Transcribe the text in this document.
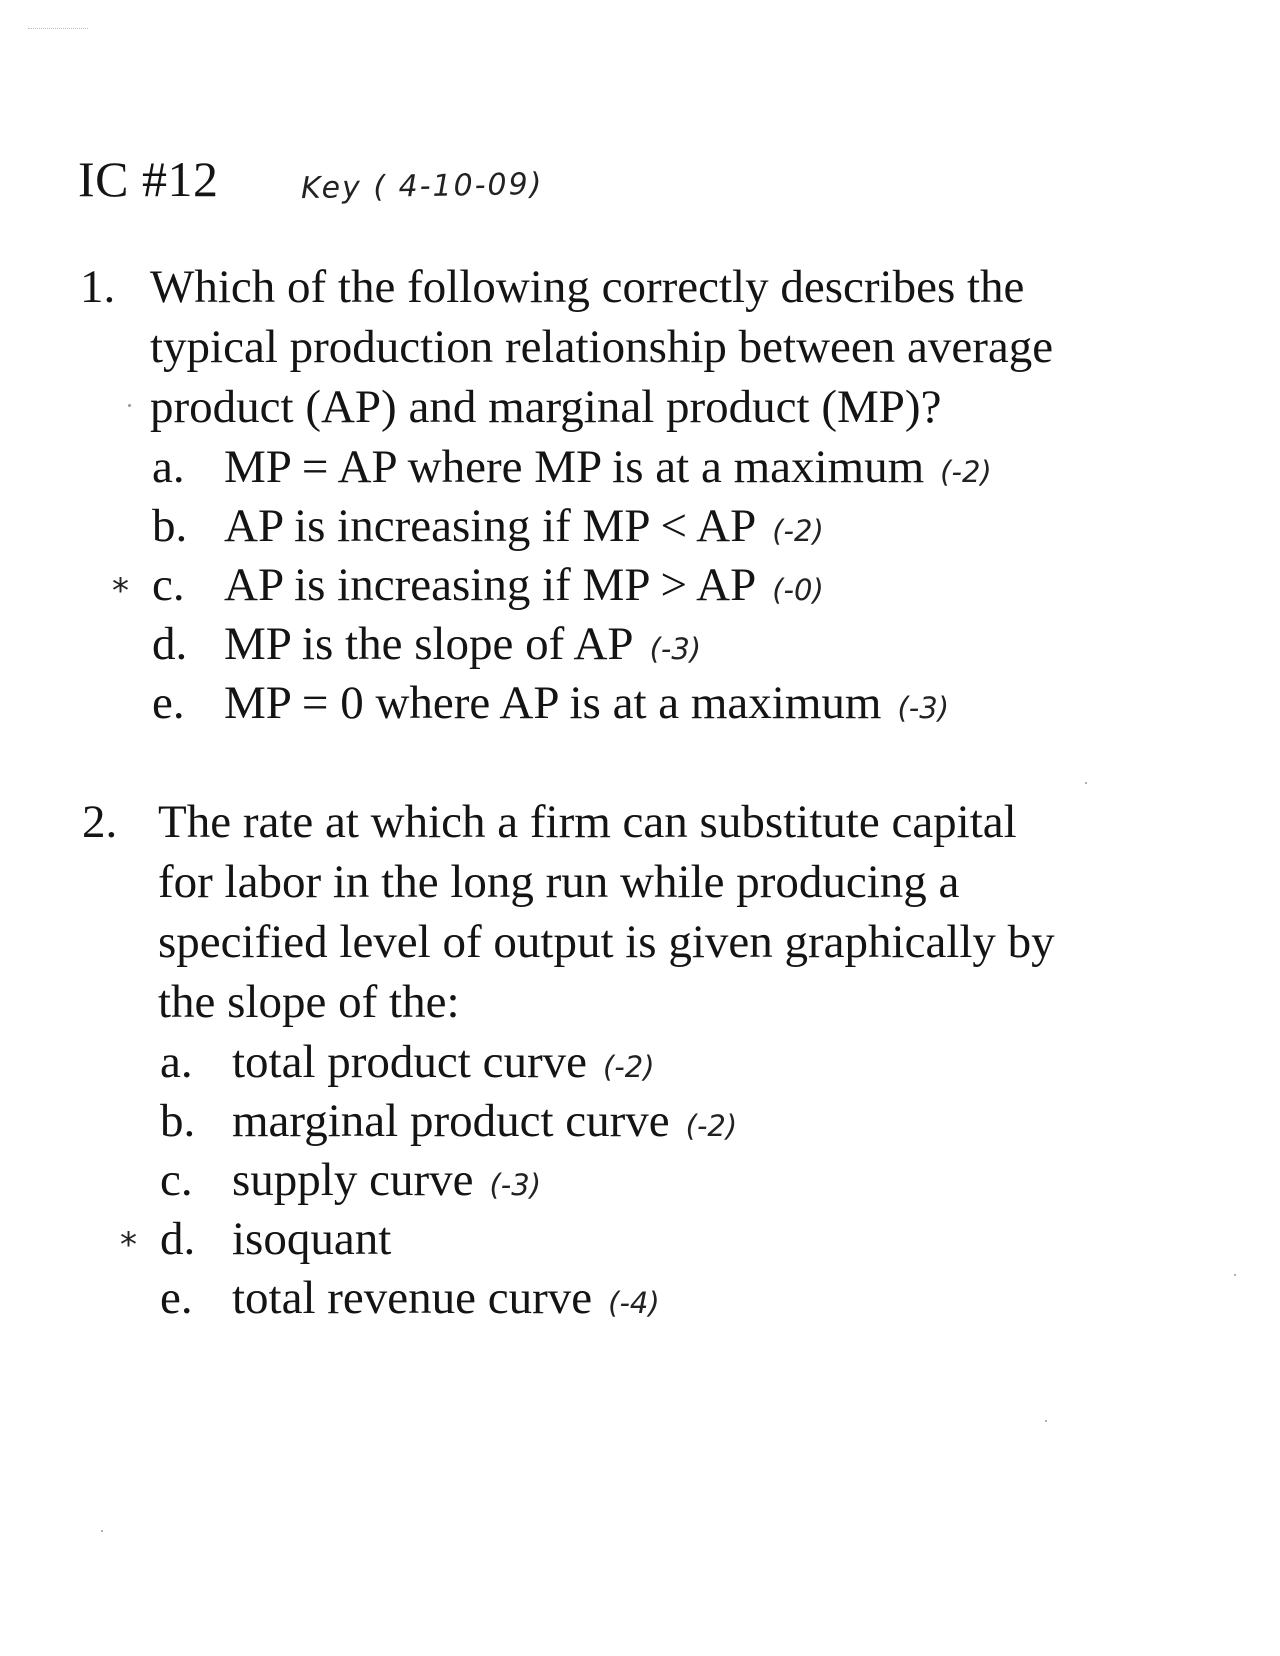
IC #12	Key ( 4-10-09)
1. Which of the following correctly describes the
typical production relationship between average
product (AP) and marginal product (MP)?
a. MP = AP where MP is at a maximum (-2)
b. AP is increasing if MP < AP (-2)
* c. AP is increasing if MP > AP (-0)
d. MP is the slope of AP (-3)
e. MP = 0 where AP is at a maximum (-3)
2. The rate at which a firm can substitute capital
for labor in the long run while producing a
specified level of output is given graphically by
the slope of the:
a. total product curve (-2)
b. marginal product curve (-2)
c. supply curve (-3)
* d. isoquant
e. total revenue curve (-4)
